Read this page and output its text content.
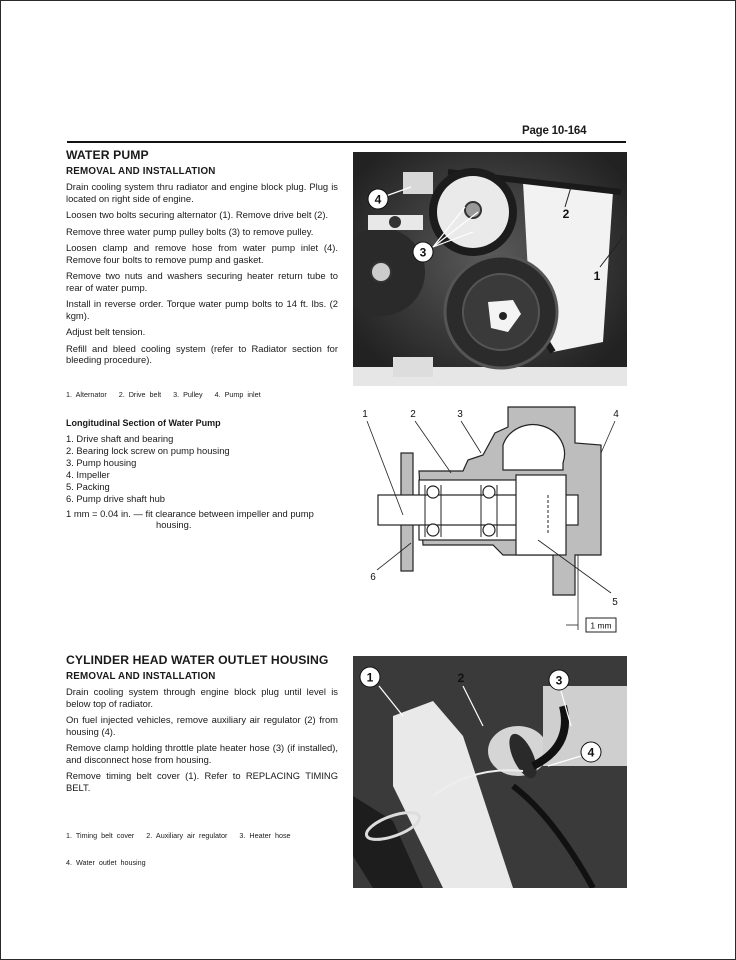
Page 10-164
WATER PUMP
REMOVAL AND INSTALLATION

Drain cooling system thru radiator and engine block plug. Plug is located on right side of engine.

Loosen two bolts securing alternator (1). Remove drive belt (2).

Remove three water pump pulley bolts (3) to remove pulley.

Loosen clamp and remove hose from water pump inlet (4). Remove four bolts to remove pump and gasket.

Remove two nuts and washers securing heater return tube to rear of water pump.

Install in reverse order. Torque water pump bolts to 14 ft. lbs. (2 kgm).

Adjust belt tension.

Refill and bleed cooling system (refer to Radiator section for bleeding procedure).

1. Alternator   2. Drive belt   3. Pulley   4. Pump inlet
Longitudinal Section of Water Pump
1. Drive shaft and bearing
2. Bearing lock screw on pump housing
3. Pump housing
4. Impeller
5. Packing
6. Pump drive shaft hub
1 mm = 0.04 in. — fit clearance between impeller and pump
housing.
CYLINDER HEAD WATER OUTLET HOUSING
REMOVAL AND INSTALLATION

Drain cooling system through engine block plug until level is below top of radiator.

On fuel injected vehicles, remove auxiliary air regulator (2) from housing (4).

Remove clamp holding throttle plate heater hose (3) (if installed), and disconnect hose from housing.

Remove timing belt cover (1). Refer to REPLACING TIMING BELT.

1. Timing belt cover   2. Auxiliary air regulator   3. Heater hose

4. Water outlet housing

4
3
2
1
1	2	3	4
5
6
1 mm
1	2	3
4
